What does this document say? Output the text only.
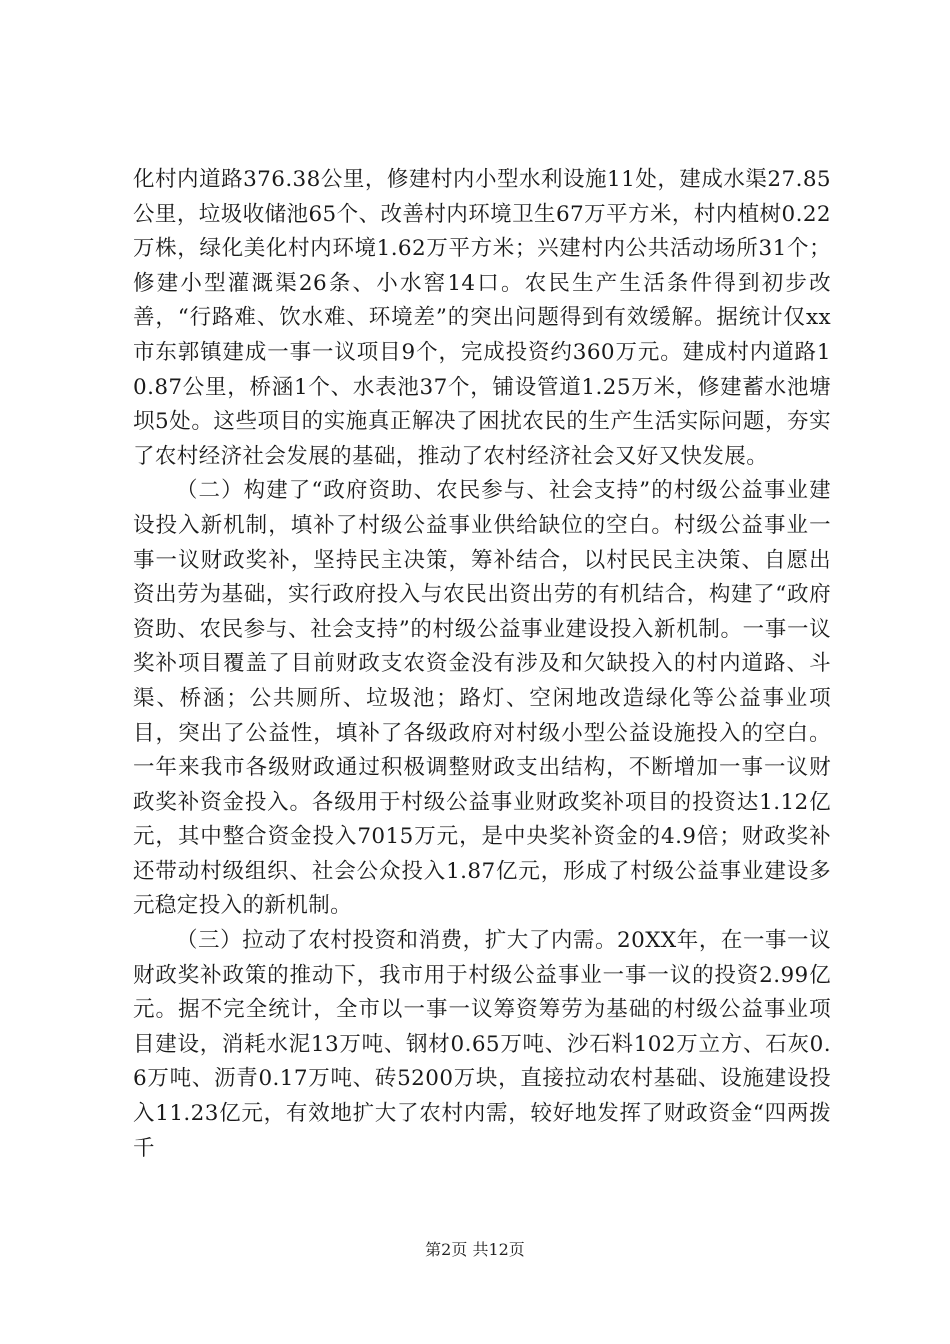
化村内道路376.38公里，修建村内小型水利设施11处，建成水渠27.85公里，垃圾收储池65个、改善村内环境卫生67万平方米，村内植树0.22万株，绿化美化村内环境1.62万平方米；兴建村内公共活动场所31个；修建小型灌溉渠26条、小水窖14口。农民生产生活条件得到初步改善，“行路难、饮水难、环境差”的突出问题得到有效缓解。据统计仅xx市东郭镇建成一事一议项目9个，完成投资约360万元。建成村内道路10.87公里，桥涵1个、水表池37个，铺设管道1.25万米，修建蓄水池塘坝5处。这些项目的实施真正解决了困扰农民的生产生活实际问题，夯实了农村经济社会发展的基础，推动了农村经济社会又好又快发展。

（二）构建了“政府资助、农民参与、社会支持”的村级公益事业建设投入新机制，填补了村级公益事业供给缺位的空白。村级公益事业一事一议财政奖补，坚持民主决策，筹补结合，以村民民主决策、自愿出资出劳为基础，实行政府投入与农民出资出劳的有机结合，构建了“政府资助、农民参与、社会支持”的村级公益事业建设投入新机制。一事一议奖补项目覆盖了目前财政支农资金没有涉及和欠缺投入的村内道路、斗渠、桥涵；公共厕所、垃圾池；路灯、空闲地改造绿化等公益事业项目，突出了公益性，填补了各级政府对村级小型公益设施投入的空白。一年来我市各级财政通过积极调整财政支出结构，不断增加一事一议财政奖补资金投入。各级用于村级公益事业财政奖补项目的投资达1.12亿元，其中整合资金投入7015万元，是中央奖补资金的4.9倍；财政奖补还带动村级组织、社会公众投入1.87亿元，形成了村级公益事业建设多元稳定投入的新机制。

（三）拉动了农村投资和消费，扩大了内需。20XX年，在一事一议财政奖补政策的推动下，我市用于村级公益事业一事一议的投资2.99亿元。据不完全统计，全市以一事一议筹资筹劳为基础的村级公益事业项目建设，消耗水泥13万吨、钢材0.65万吨、沙石料102万立方、石灰0.6万吨、沥青0.17万吨、砖5200万块，直接拉动农村基础、设施建设投入11.23亿元，有效地扩大了农村内需，较好地发挥了财政资金“四两拨千

第2页 共12页
